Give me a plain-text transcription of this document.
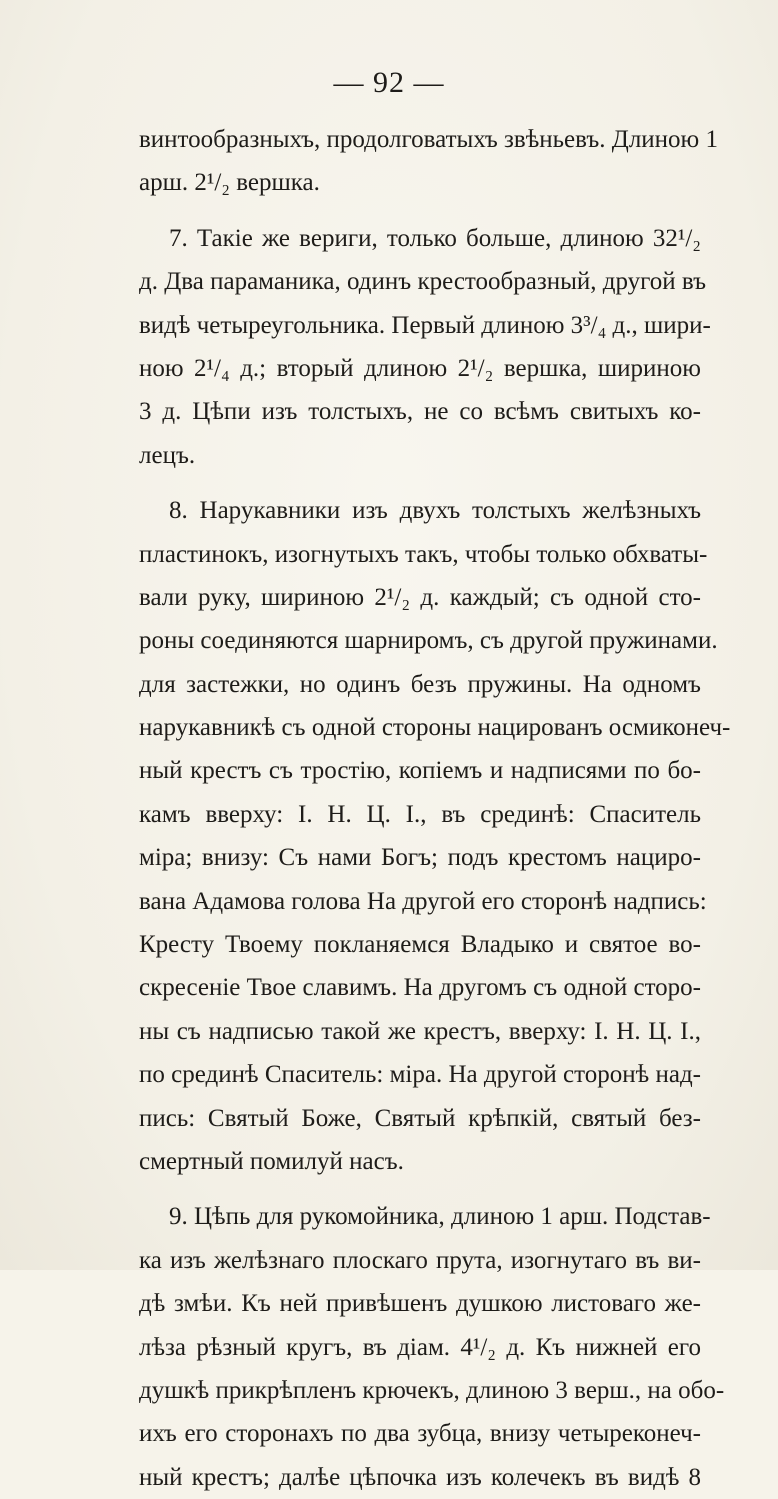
— 92 —
винтообразныхъ, продолговатыхъ звѣньевъ. Длиною 1
арш. 2¹/₂ вершка.
7. Такiе же вериги, только больше, длиною 32¹/₂
д. Два параманика, одинъ крестообразный, другой въ
видѣ четыреугольника. Первый длиною 3³/₄ д., шири-
ною 2¹/₄ д.; вторый длиною 2¹/₂ вершка, шириною
3 д. Цѣпи изъ толстыхъ, не со всѣмъ свитыхъ ко-
лецъ.
8. Нарукавники изъ двухъ толстыхъ желѣзныхъ
пластинокъ, изогнутыхъ такъ, чтобы только обхваты-
вали руку, шириною 2¹/₂ д. каждый; съ одной сто-
роны соединяются шарниромъ, съ другой пружинами.
для застежки, но одинъ безъ пружины. На одномъ
нарукавникѣ съ одной стороны нацированъ осмиконеч-
ный крестъ съ тростiю, копiемъ и надписями по бо-
камъ вверху: I. H. Ц. I., въ срединѣ: Спаситель
мiра; внизу: Съ нами Богъ; подъ крестомъ нациро-
вана Адамова голова На другой его сторонѣ надпись:
Кресту Твоему покланяемся Владыко и святое во-
скресенiе Твое славимъ. На другомъ съ одной сторо-
ны съ надписью такой же крестъ, вверху: I. H. Ц. I.,
по срединѣ Спаситель: мiра. На другой сторонѣ над-
пись: Святый Боже, Святый крѣпкiй, святый без-
смертный помилуй насъ.
9. Цѣпь для рукомойника, длиною 1 арш. Подстав-
ка изъ желѣзнаго плоскаго прута, изогнутаго въ ви-
дѣ змѣи. Къ ней привѣшенъ душкою листоваго же-
лѣза рѣзный кругъ, въ дiам. 4¹/₂ д. Къ нижней его
душкѣ прикрѣпленъ крючекъ, длиною 3 верш., на обо-
ихъ его сторонахъ по два зубца, внизу четырeконеч-
ный крестъ; далѣе цѣпочка изъ колечекъ въ видѣ 8
